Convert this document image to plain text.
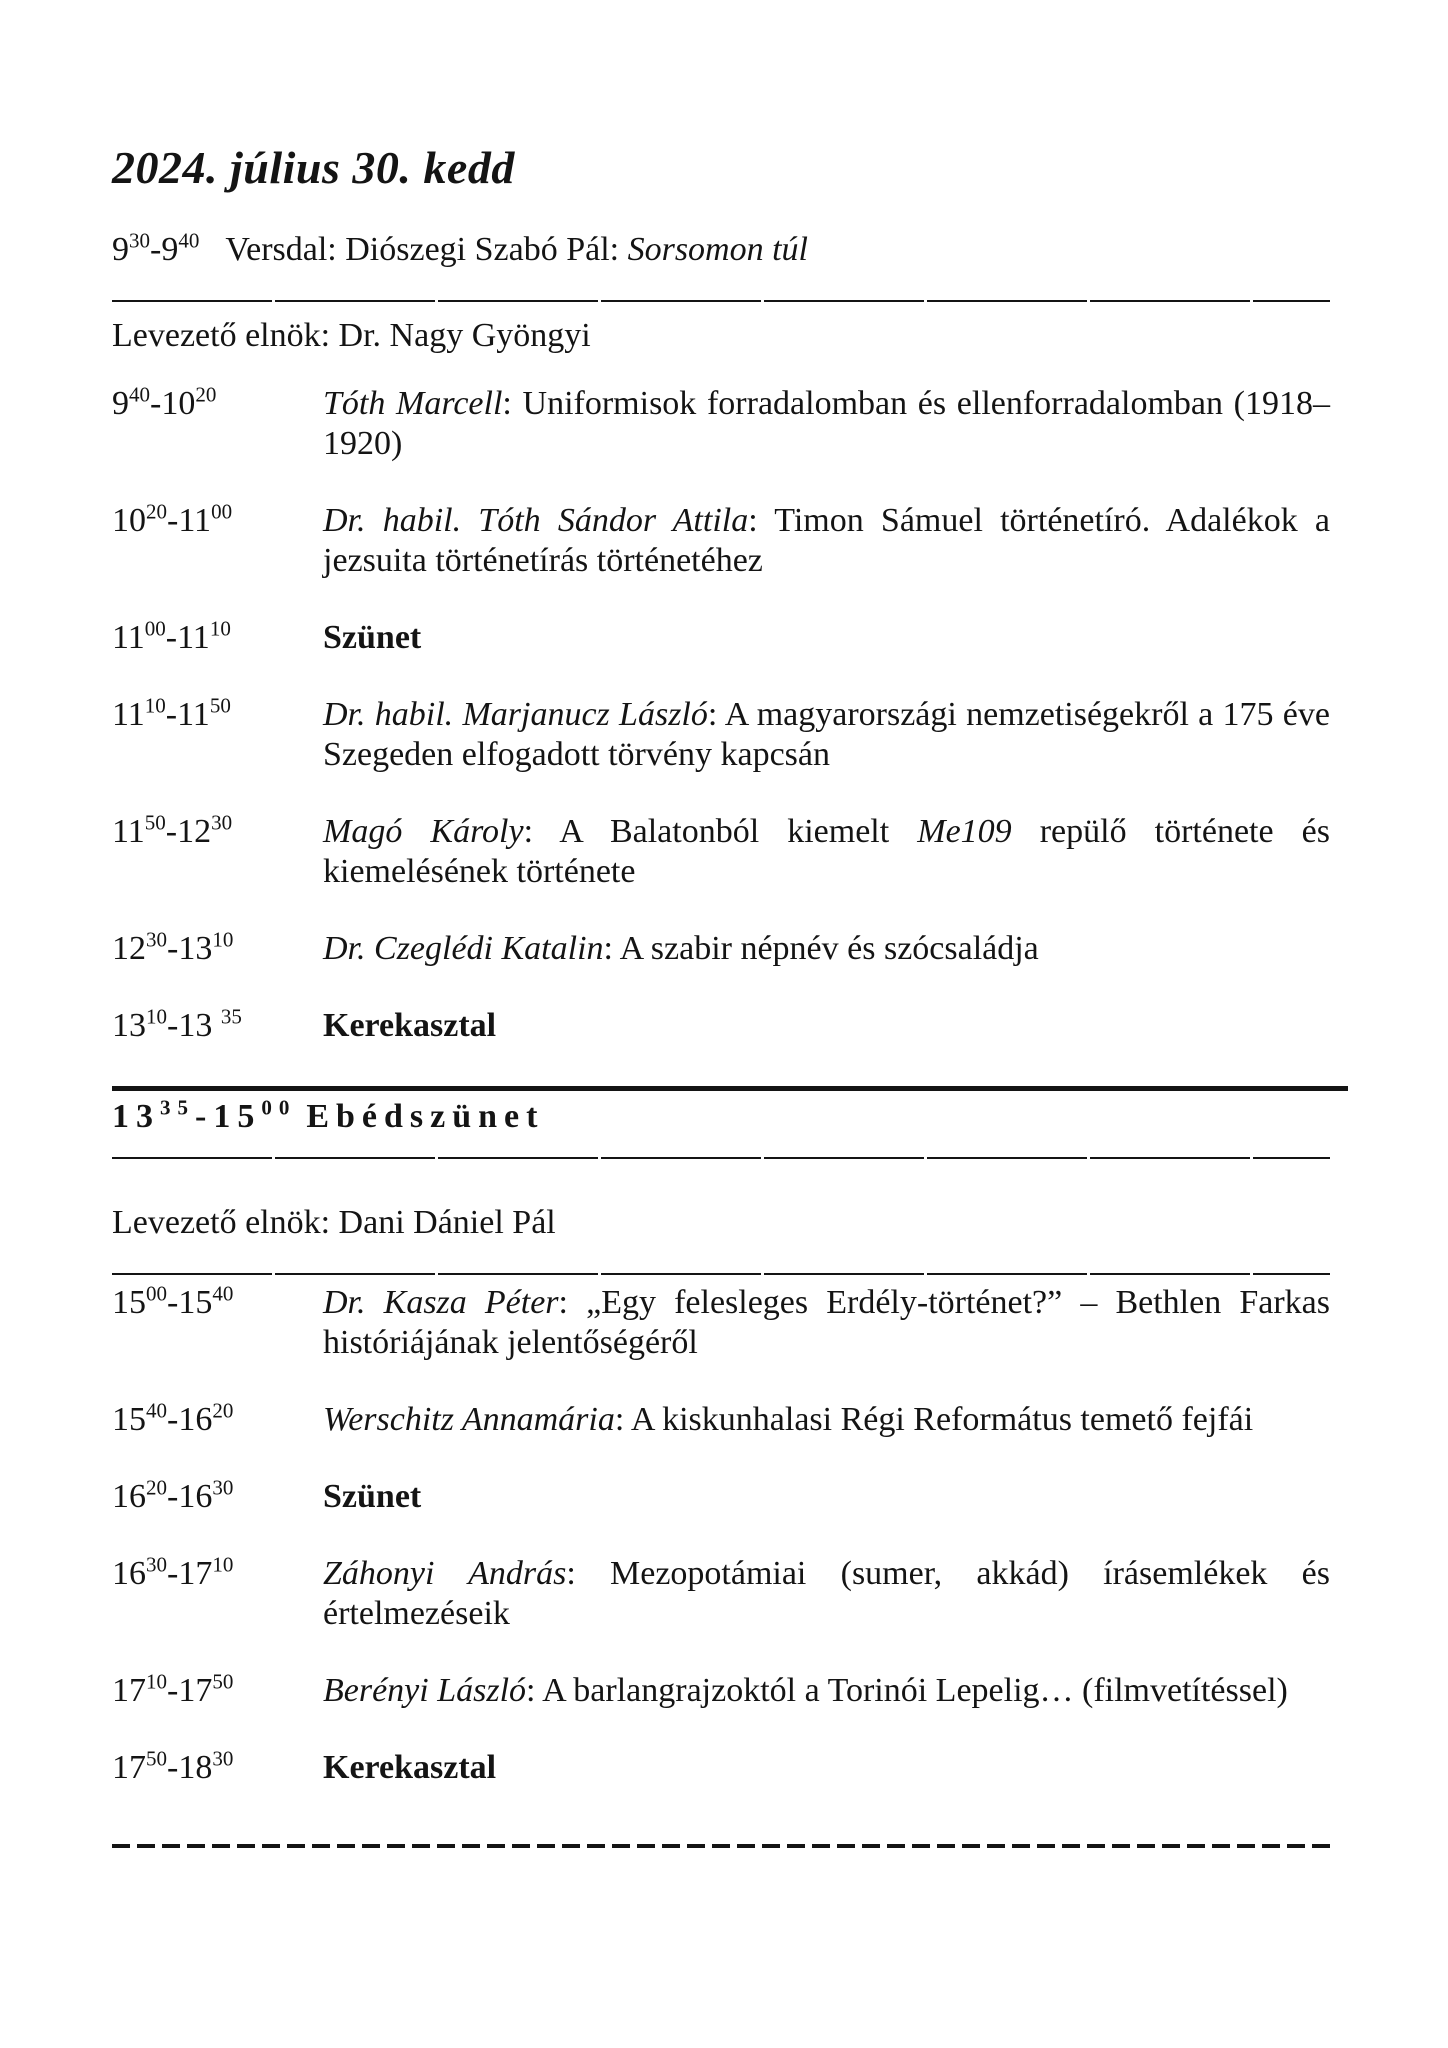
2024. július 30. kedd
$9^{30}-9^{40}$ Versdal: Diószegi Szabó Pál: Sorsomon túl
Levezető elnök: Dr. Nagy Gyöngyi
$9^{40}-10^{20}$	Tóth Marcell: Uniformisok forradalomban és ellenforradalomban (1918–
1920)
$10^{20}-11^{00}$	Dr. habil. Tóth Sándor Attila: Timon Sámuel történetíró. Adalékok a
jezsuita történetírás történetéhez
$11^{00}-11^{10}$	Szünet
$11^{10}-11^{50}$	Dr. habil. Marjanucz László: A magyarországi nemzetiségekről a 175 éve
Szegeden elfogadott törvény kapcsán
$11^{50}-12^{30}$	Magó Károly: A Balatonból kiemelt Me109 repülő története és
kiemelésének története
$12^{30}-13^{10}$	Dr. Czeglédi Katalin: A szabir népnév és szócsaládja
$13^{10}-13$ $^{35}$	Kerekasztal
$13^{35}-15^{00}$ Ebédszünet
Levezető elnök: Dani Dániel Pál
$15^{00}-15^{40}$	Dr. Kasza Péter: „Egy felesleges Erdély-történet?” – Bethlen Farkas
históriájának jelentőségéről
$15^{40}-16^{20}$	Werschitz Annamária: A kiskunhalasi Régi Református temető fejfái
$16^{20}-16^{30}$	Szünet
$16^{30}-17^{10}$	Záhonyi András: Mezopotámiai (sumer, akkád) írásemlékek és
értelmezéseik
$17^{10}-17^{50}$	Berényi László: A barlangrajzoktól a Torinói Lepelig… (filmvetítéssel)
$17^{50}-18^{30}$	Kerekasztal
